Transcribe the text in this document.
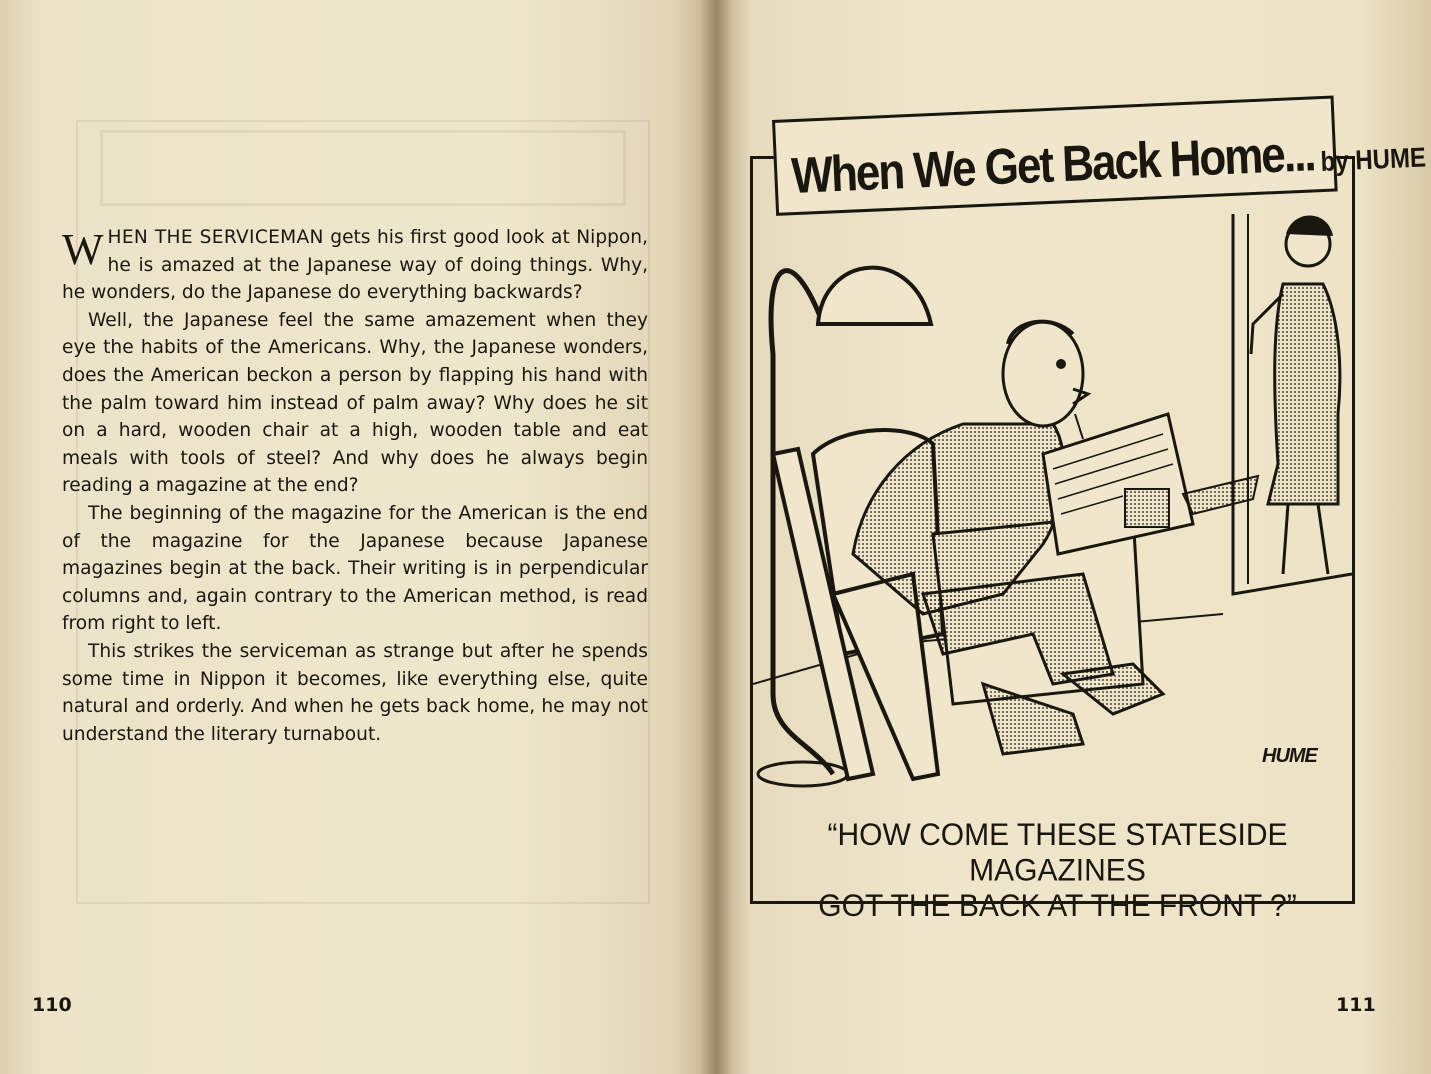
WHEN THE SERVICEMAN gets his first good look at Nippon, he is amazed at the Japanese way of doing things. Why, he wonders, do the Japanese do everything backwards?

Well, the Japanese feel the same amazement when they eye the habits of the Americans. Why, the Japanese wonders, does the American beckon a person by flapping his hand with the palm toward him instead of palm away? Why does he sit on a hard, wooden chair at a high, wooden table and eat meals with tools of steel? And why does he always begin reading a magazine at the end?

The beginning of the magazine for the American is the end of the magazine for the Japanese because Japanese magazines begin at the back. Their writing is in perpendicular columns and, again contrary to the American method, is read from right to left.

This strikes the serviceman as strange but after he spends some time in Nippon it becomes, like everything else, quite natural and orderly. And when he gets back home, he may not understand the literary turnabout.

110
When We Get Back Home... by HUME
HUME
“HOW COME THESE STATESIDE MAGAZINES
GOT THE BACK AT THE FRONT ?”
111
